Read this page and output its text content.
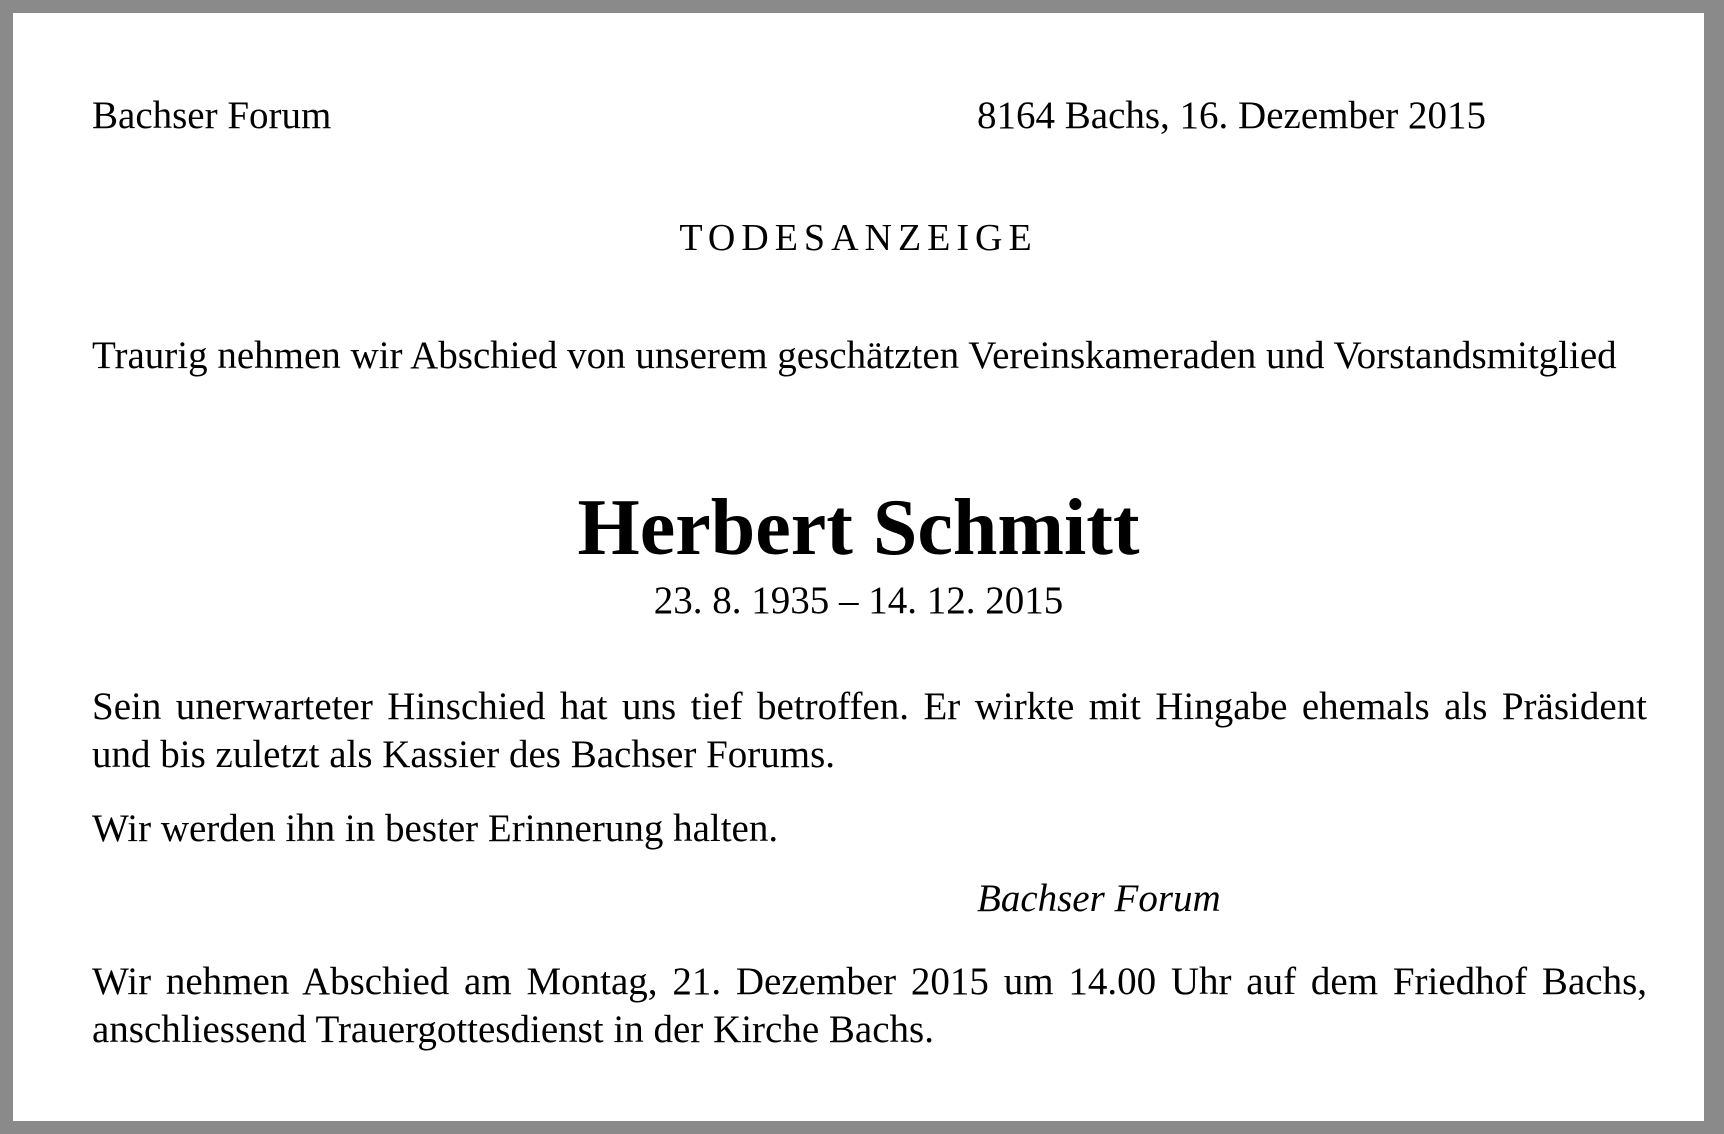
Bachser Forum	8164 Bachs, 16. Dezember 2015
TODESANZEIGE
Traurig nehmen wir Abschied von unserem geschätzten Vereinskameraden und Vorstandsmitglied
Herbert Schmitt
23. 8. 1935 – 14. 12. 2015
Sein unerwarteter Hinschied hat uns tief betroffen. Er wirkte mit Hingabe ehemals als Präsident und bis zuletzt als Kassier des Bachser Forums.
Wir werden ihn in bester Erinnerung halten.
Bachser Forum
Wir nehmen Abschied am Montag, 21. Dezember 2015 um 14.00 Uhr auf dem Friedhof Bachs, anschliessend Trauergottesdienst in der Kirche Bachs.
